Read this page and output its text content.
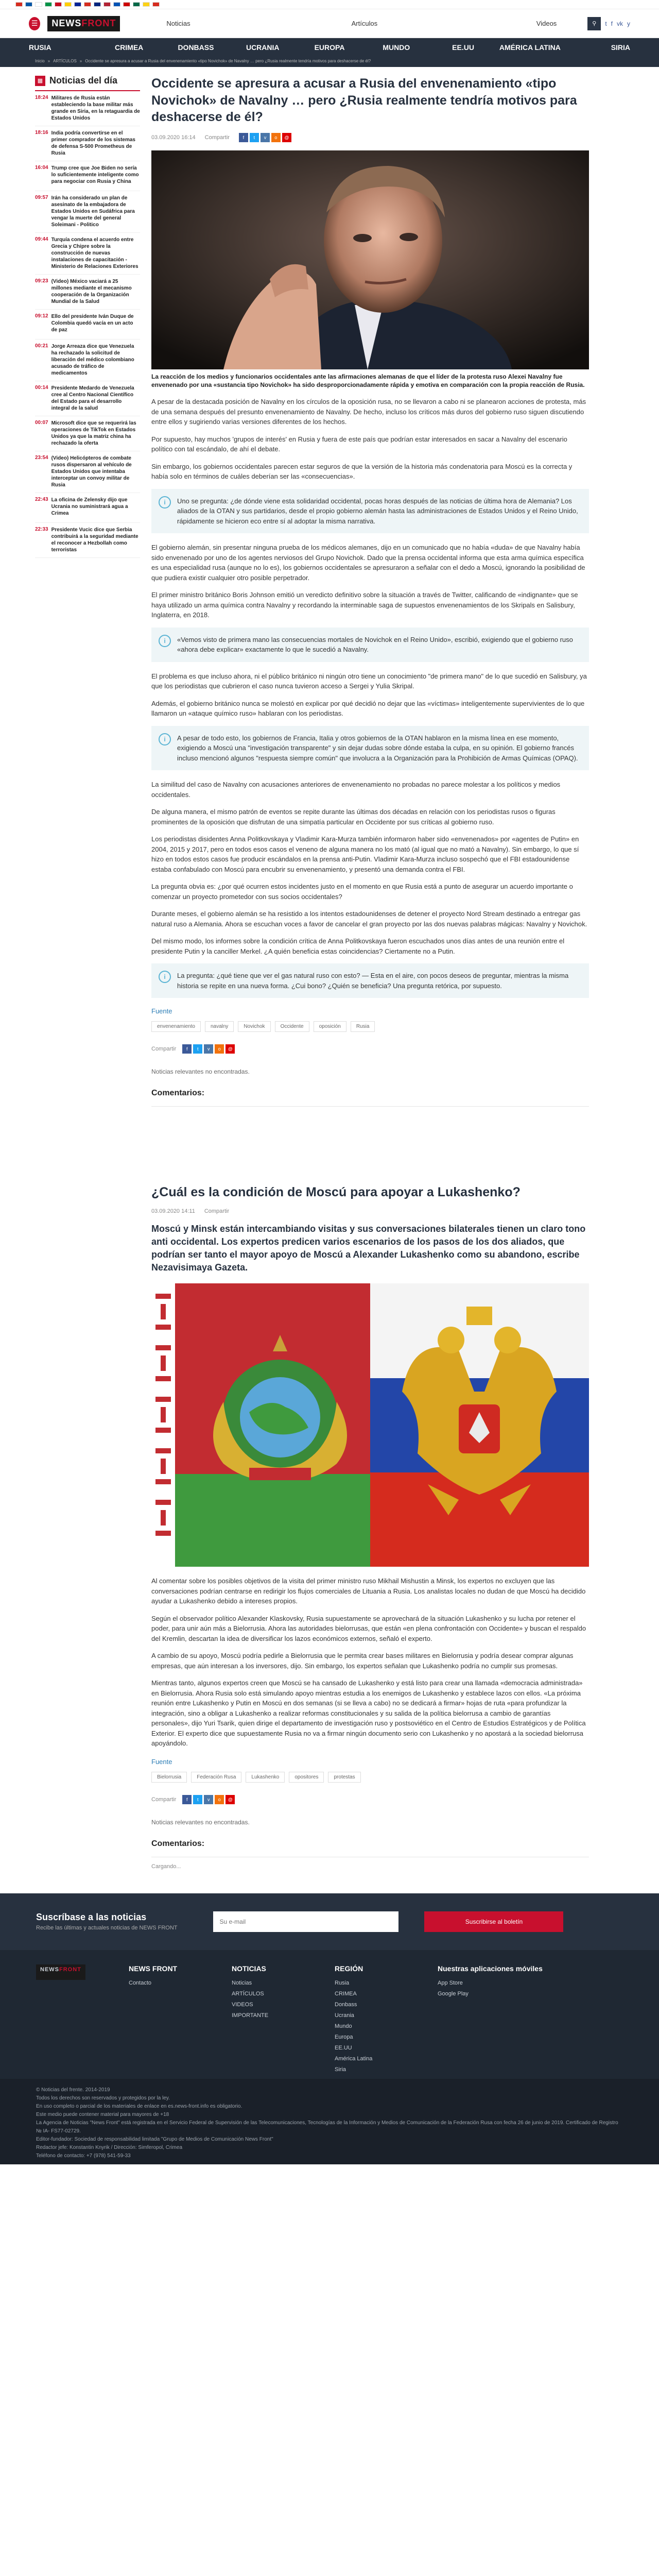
☰	NEWSFRONT	Noticias	Artículos	Videos	⚲	t f vk y
RUSIA	CRIMEA	DONBASS	UCRANIA	EUROPA	MUNDO	EE.UU	AMÉRICA LATINA	SIRIA
Inicio » ARTÍCULOS » Occidente se apresura a acusar a Rusia del envenenamiento «tipo Novichok» de Navalny … pero ¿Rusia realmente tendría motivos para deshacerse de él?
▦ Noticias del día
18:24 Militares de Rusia están estableciendo la base militar más grande en Siria, en la retaguardia de Estados Unidos
18:16 India podría convertirse en el primer comprador de los sistemas de defensa S-500 Prometheus de Rusia
16:04 Trump cree que Joe Biden no sería lo suficientemente inteligente como para negociar con Rusia y China
09:57 Irán ha considerado un plan de asesinato de la embajadora de Estados Unidos en Sudáfrica para vengar la muerte del general Soleimani - Politico
09:44 Turquía condena el acuerdo entre Grecia y Chipre sobre la construcción de nuevas instalaciones de capacitación - Ministerio de Relaciones Exteriores
09:23 (Video) México vaciará a 25 millones mediante el mecanismo cooperación de la Organización Mundial de la Salud
09:12 Ello del presidente Iván Duque de Colombia quedó vacía en un acto de paz
00:21 Jorge Arreaza dice que Venezuela ha rechazado la solicitud de liberación del médico colombiano acusado de tráfico de medicamentos
00:14 Presidente Medardo de Venezuela cree al Centro Nacional Científico del Estado para el desarrollo integral de la salud
00:07 Microsoft dice que se requerirá las operaciones de TikTok en Estados Unidos ya que la matriz china ha rechazado la oferta
23:54 (Video) Helicópteros de combate rusos dispersaron al vehículo de Estados Unidos que intentaba interceptar un convoy militar de Rusia
22:43 La oficina de Zelensky dijo que Ucrania no suministrará agua a Crimea
22:33 Presidente Vucic dice que Serbia contribuirá a la seguridad mediante el reconocer a Hezbollah como terroristas
Occidente se apresura a acusar a Rusia del envenenamiento «tipo Novichok» de Navalny … pero ¿Rusia realmente tendría motivos para deshacerse de él?
03.09.2020 16:14 Compartir	f	t	v	o	@
La reacción de los medios y funcionarios occidentales ante las afirmaciones alemanas de que el líder de la protesta ruso Alexei Navalny fue envenenado por una «sustancia tipo Novichok» ha sido desproporcionadamente rápida y emotiva en comparación con la propia reacción de Rusia.

A pesar de la destacada posición de Navalny en los círculos de la oposición rusa, no se llevaron a cabo ni se planearon acciones de protesta, más de una semana después del presunto envenenamiento de Navalny. De hecho, incluso los críticos más duros del gobierno ruso siguen discutiendo entre ellos y sugiriendo varias versiones diferentes de los hechos.

Por supuesto, hay muchos 'grupos de interés' en Rusia y fuera de este país que podrían estar interesados en sacar a Navalny del escenario político con tal escándalo, de ahí el debate.

Sin embargo, los gobiernos occidentales parecen estar seguros de que la versión de la historia más condenatoria para Moscú es la correcta y había solo en términos de cuáles deberían ser las «consecuencias».

i	Uno se pregunta: ¿de dónde viene esta solidaridad occidental, pocas horas después de las noticias de última hora de Alemania? Los aliados de la OTAN y sus partidarios, desde el propio gobierno alemán hasta las administraciones de Estados Unidos y el Reino Unido, rápidamente se hicieron eco entre sí al adoptar la misma narrativa.

El gobierno alemán, sin presentar ninguna prueba de los médicos alemanes, dijo en un comunicado que no había «duda» de que Navalny había sido envenenado por uno de los agentes nerviosos del Grupo Novichok. Dado que la prensa occidental informa que esta arma química específica es una especialidad rusa (aunque no lo es), los gobiernos occidentales se apresuraron a señalar con el dedo a Moscú, ignorando la posibilidad de que pudiera existir cualquier otro posible perpetrador.

El primer ministro británico Boris Johnson emitió un veredicto definitivo sobre la situación a través de Twitter, calificando de «indignante» que se haya utilizado un arma química contra Navalny y recordando la interminable saga de supuestos envenenamientos de los Skripals en Salisbury, Inglaterra, en 2018.

i	«Vemos visto de primera mano las consecuencias mortales de Novichok en el Reino Unido», escribió, exigiendo que el gobierno ruso «ahora debe explicar» exactamente lo que le sucedió a Navalny.

El problema es que incluso ahora, ni el público británico ni ningún otro tiene un conocimiento "de primera mano" de lo que sucedió en Salisbury, ya que los periodistas que cubrieron el caso nunca tuvieron acceso a Sergei y Yulia Skripal.

Además, el gobierno británico nunca se molestó en explicar por qué decidió no dejar que las «víctimas» inteligentemente supervivientes de lo que llamaron un «ataque químico ruso» hablaran con los periodistas.

i	A pesar de todo esto, los gobiernos de Francia, Italia y otros gobiernos de la OTAN hablaron en la misma línea en ese momento, exigiendo a Moscú una "investigación transparente" y sin dejar dudas sobre dónde estaba la culpa, en su opinión. El gobierno francés incluso mencionó algunos "respuesta siempre común" que involucra a la Organización para la Prohibición de Armas Químicas (OPAQ).

La similitud del caso de Navalny con acusaciones anteriores de envenenamiento no probadas no parece molestar a los políticos y medios occidentales.

De alguna manera, el mismo patrón de eventos se repite durante las últimas dos décadas en relación con los periodistas rusos o figuras prominentes de la oposición que disfrutan de una simpatía particular en Occidente por sus críticas al gobierno ruso.

Los periodistas disidentes Anna Politkovskaya y Vladimir Kara-Murza también informaron haber sido «envenenados» por «agentes de Putin» en 2004, 2015 y 2017, pero en todos esos casos el veneno de alguna manera no los mató (al igual que no mató a Navalny). Sin embargo, lo que sí hizo en todos estos casos fue producir escándalos en la prensa anti-Putin. Vladimir Kara-Murza incluso sospechó que el FBI estadounidense estaba confabulado con Moscú para encubrir su envenenamiento, y presentó una demanda contra el FBI.

La pregunta obvia es: ¿por qué ocurren estos incidentes justo en el momento en que Rusia está a punto de asegurar un acuerdo importante o comenzar un proyecto prometedor con sus socios occidentales?

Durante meses, el gobierno alemán se ha resistido a los intentos estadounidenses de detener el proyecto Nord Stream destinado a entregar gas natural ruso a Alemania. Ahora se escuchan voces a favor de cancelar el gran proyecto por las dos nuevas palabras mágicas: Navalny y Novichok.

Del mismo modo, los informes sobre la condición crítica de Anna Politkovskaya fueron escuchados unos días antes de una reunión entre el presidente Putin y la canciller Merkel. ¿A quién beneficia estas coincidencias? Ciertamente no a Putin.

i	La pregunta: ¿qué tiene que ver el gas natural ruso con esto? — Esta en el aire, con pocos deseos de preguntar, mientras la misma historia se repite en una nueva forma. ¿Cui bono? ¿Quién se beneficia? Una pregunta retórica, por supuesto.

Fuente
envenenamiento	navalny	Novichok	Occidente	oposición	Rusia
Compartir	f	t	v	o	@
Noticias relevantes no encontradas.
Comentarios:
¿Cuál es la condición de Moscú para apoyar a Lukashenko?
03.09.2020 14:11 Compartir
Moscú y Minsk están intercambiando visitas y sus conversaciones bilaterales tienen un claro tono anti occidental. Los expertos predicen varios escenarios de los pasos de los dos aliados, que podrían ser tanto el mayor apoyo de Moscú a Alexander Lukashenko como su abandono, escribe Nezavisimaya Gazeta.

Al comentar sobre los posibles objetivos de la visita del primer ministro ruso Mikhail Mishustin a Minsk, los expertos no excluyen que las conversaciones podrían centrarse en redirigir los flujos comerciales de Lituania a Rusia. Los analistas locales no dudan de que Moscú ha decidido ayudar a Lukashenko debido a intereses propios.

Según el observador político Alexander Klaskovsky, Rusia supuestamente se aprovechará de la situación Lukashenko y su lucha por retener el poder, para unir aún más a Bielorrusia. Ahora las autoridades bielorrusas, que están «en plena confrontación con Occidente» y buscan el respaldo del Kremlin, descartan la idea de diversificar los lazos económicos externos, señaló el experto.

A cambio de su apoyo, Moscú podría pedirle a Bielorrusia que le permita crear bases militares en Bielorrusia y podría desear comprar algunas empresas, que aún interesan a los inversores, dijo. Sin embargo, los expertos señalan que Lukashenko podría no cumplir sus promesas.

Mientras tanto, algunos expertos creen que Moscú se ha cansado de Lukashenko y está listo para crear una llamada «democracia administrada» en Bielorrusia. Ahora Rusia solo está simulando apoyo mientras estudia a los enemigos de Lukashenko y establece lazos con ellos. «La próxima reunión entre Lukashenko y Putin en Moscú en dos semanas (si se lleva a cabo) no se dedicará a firmar» hojas de ruta «para profundizar la integración, sino a obligar a Lukashenko a realizar reformas constitucionales y su salida de la política bielorrusa a cambio de garantías personales», dijo Yuri Tsarik, quien dirige el departamento de investigación ruso y postsoviético en el Centro de Estudios Estratégicos y de Política Exterior. El experto dice que supuestamente Rusia no va a firmar ningún documento serio con Lukashenko y no apostará a la sociedad bielorrusa apoyándolo.

Fuente
Bielorrusia	Federación Rusa	Lukashenko	opositores	protestas
Compartir	f	t	v	o	@
Noticias relevantes no encontradas.
Comentarios:
Cargando...
Suscríbase a las noticias

Recibe las últimas y actuales noticias de NEWS FRONT

Su e-mail
Suscribirse al boletín
NEWSFRONT	NEWS FRONT
Contacto
NOTICIAS
Noticias
ARTÍCULOS
VIDEOS
IMPORTANTE
REGIÓN
Rusia
CRIMEA
Donbass
Ucrania
Mundo
Europa
EE.UU
América Latina
Siria
Nuestras aplicaciones móviles
App Store
Google Play
© Noticias del frente. 2014-2019
Todos los derechos son reservados y protegidos por la ley.
En uso completo o parcial de los materiales de enlace en es.news-front.info es obligatorio.
Este medio puede contener material para mayores de +18
La Agencia de Noticias "News Front" está registrada en el Servicio Federal de Supervisión de las Telecomunicaciones, Tecnologías de la Información y Medios de Comunicación de la Federación Rusa con fecha 26 de junio de 2019. Certificado de Registro № IA- FS77-02729.
Editor-fundador: Sociedad de responsabilidad limitada "Grupo de Medios de Comunicación News Front"
Redactor jefe: Konstantin Knyrik / Dirección: Simferopol, Crimea
Teléfono de contacto: +7 (978) 541-59-33
